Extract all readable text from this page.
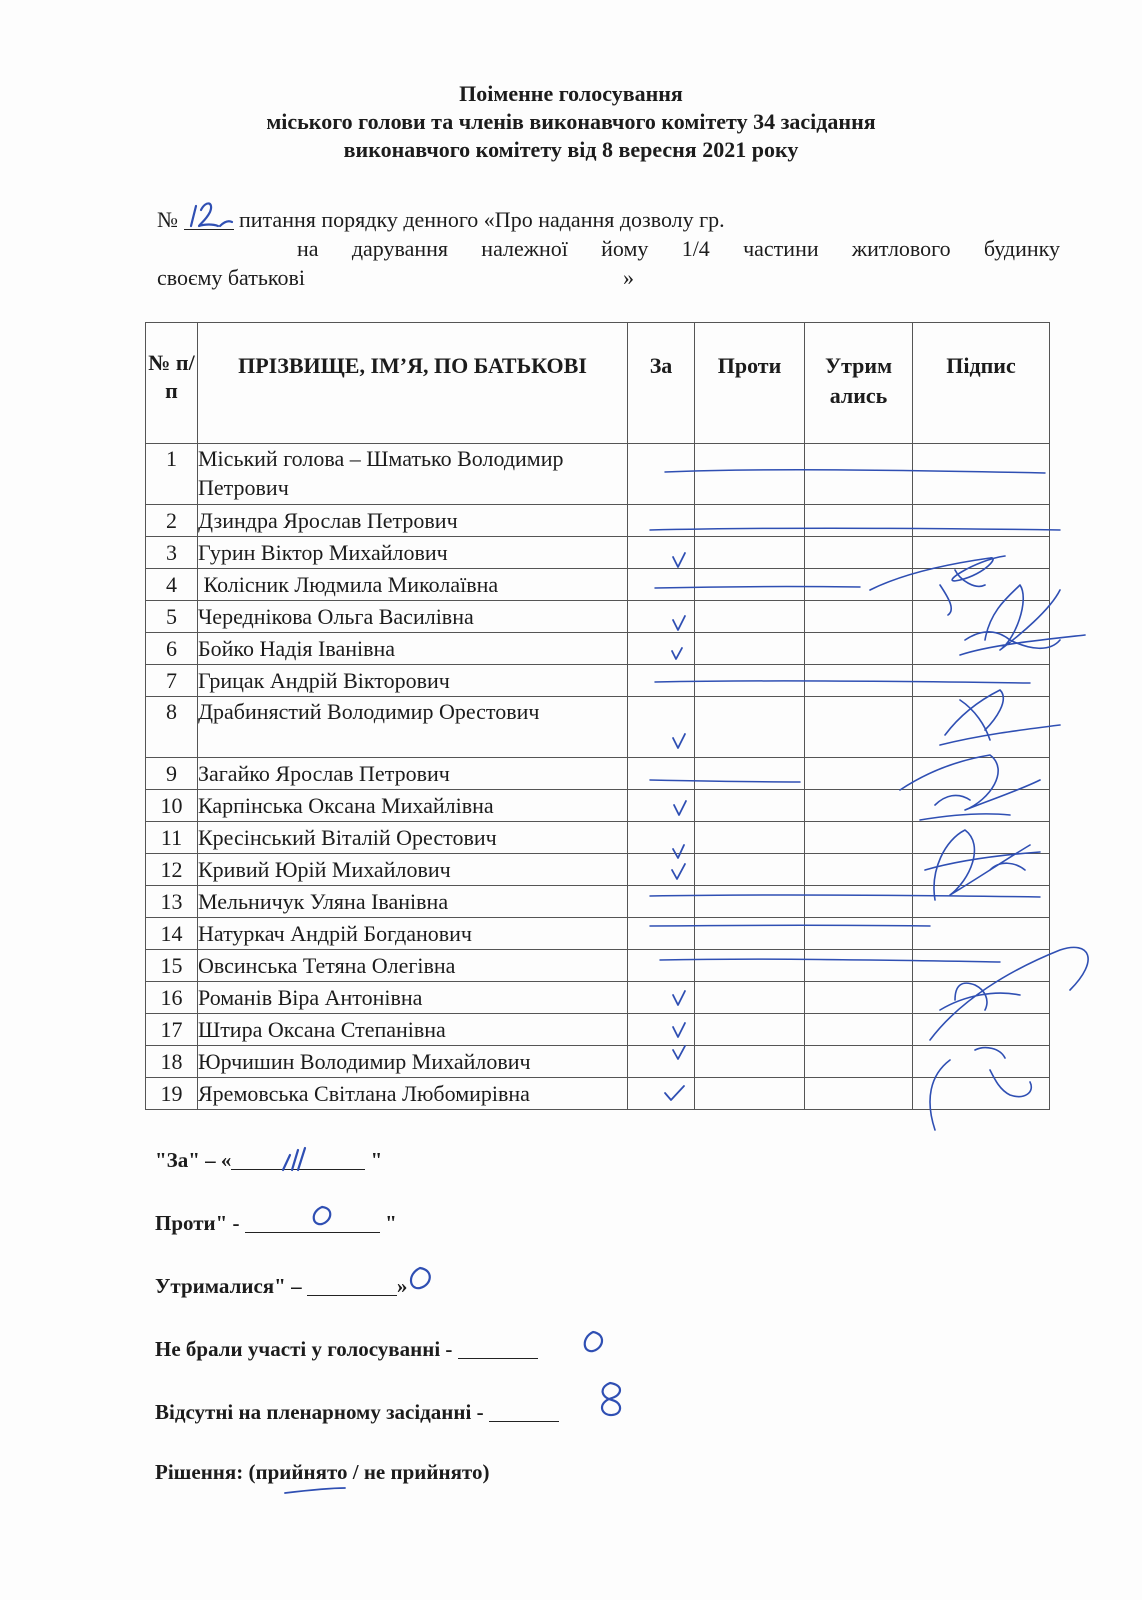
Поіменне голосування
міського голови та членів виконавчого комітету 34 засідання
виконавчого комітету від 8 вересня 2021 року
№	питання порядку денного «Про надання дозволу гр.
на дарування належної йому 1/4 частини житлового будинку
своєму батькові	»
№ п/п	ПРІЗВИЩЕ, ІМ’Я, ПО БАТЬКОВІ	За	Проти	Утрим ались	Підпис
1	Міський голова – Шматько Володимир Петрович				
2	Дзиндра Ярослав Петрович				
3	Гурин Віктор Михайлович				
4	Колісник Людмила Миколаївна				
5	Череднікова Ольга Василівна				
6	Бойко Надія Іванівна				
7	Грицак Андрій Вікторович				
8	Драбинястий Володимир Орестович				
9	Загайко Ярослав Петрович				
10	Карпінська Оксана Михайлівна				
11	Кресінський Віталій Орестович				
12	Кривий Юрій Михайлович				
13	Мельничук Уляна Іванівна				
14	Натуркач Андрій Богданович				
15	Овсинська Тетяна Олегівна				
16	Романів Віра Антонівна				
17	Штира Оксана Степанівна				
18	Юрчишин Володимир Михайлович				
19	Яремовська Світлана Любомирівна				
"За" – «	"
Проти" -	"
Утрималися" –	»
Не брали участі у голосуванні -
Відсутні на пленарному засіданні -
Рішення: (прийнято / не прийнято)
